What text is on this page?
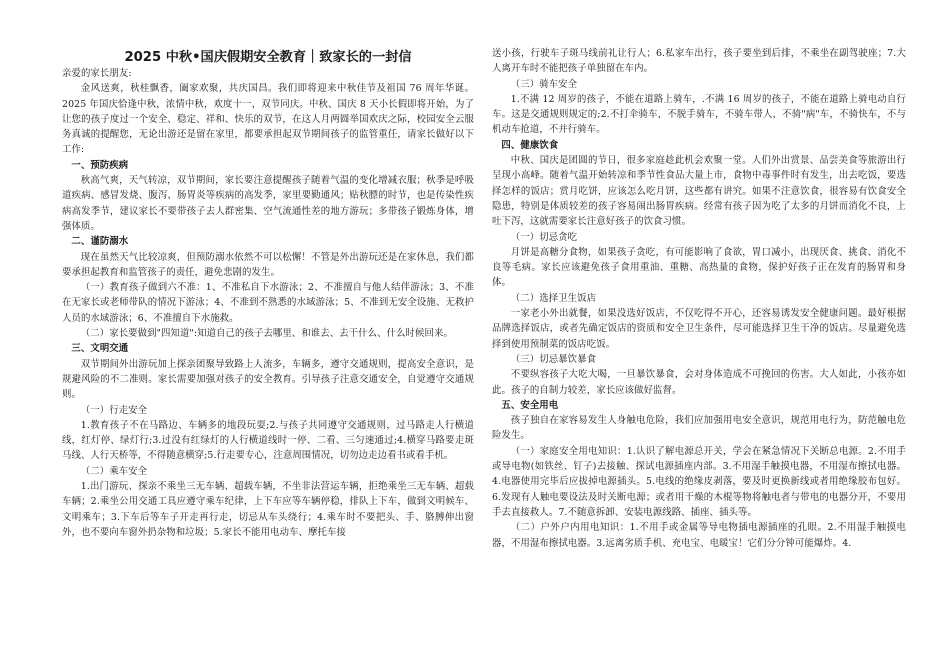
2025 中秋•国庆假期安全教育｜致家长的一封信

亲爱的家长朋友:

金风送爽，秋桂飘香，阖家欢聚，共庆国昌。我们即将迎来中秋佳节及祖国 76 周年华诞。2025 年国庆恰逢中秋，浓情中秋，欢度十一，双节同庆。中秋、国庆 8 天小长假即将开始，为了让您的孩子度过一个安全、稳定、祥和、快乐的双节，在这人月两圆举国欢庆之际，校园安全云服务真诚的提醒您，无论出游还是留在家里，都要承担起双节期间孩子的监管重任，请家长做好以下工作:

一、预防疾病

秋高气爽，天气转凉，双节期间，家长要注意提醒孩子随着气温的变化增减衣服；秋季是呼吸道疾病、感冒发烧、腹泻、肠胃炎等疾病的高发季，家里要勤通风；贴秋膘的时节，也是传染性疾病高发季节，建议家长不要带孩子去人群密集、空气流通性差的地方游玩；多带孩子锻炼身体，增强体质。

二、谨防溺水

现在虽然天气比较凉爽，但预防溺水依然不可以松懈！不管是外出游玩还是在家休息，我们都要承担起教育和监管孩子的责任，避免悲剧的发生。

（一）教育孩子做到六不准：1、不准私自下水游泳；2、不准擅自与他人结伴游泳；3、不准在无家长或老师带队的情况下游泳；4、不准到不熟悉的水域游泳；5、不准到无安全设施、无救护人员的水域游泳；6、不准擅自下水施救。

（二）家长要做到"四知道":知道自己的孩子去哪里、和谁去、去干什么、什么时候回来。

三、文明交通

双节期间外出游玩加上探亲团聚导致路上人流多，车辆多，遵守交通规则，提高安全意识，是规避风险的不二准则。家长需要加强对孩子的安全教育。引导孩子注意交通安全，自觉遵守交通规则。

（一）行走安全

1.教育孩子不在马路边、车辆多的地段玩耍;2.与孩子共同遵守交通规则，过马路走人行横道线，红灯停、绿灯行;3.过没有红绿灯的人行横道线时一停、二看、三匀速通过;4.横穿马路要走斑马线、人行天桥等，不得随意横穿;5.行走要专心，注意周围情况，切勿边走边看书或看手机。

（二）乘车安全

1.出门游玩、探亲不乘坐三无车辆、超载车辆，不坐非法营运车辆，拒绝乘坐三无车辆、超载车辆；2.乘坐公用交通工具应遵守乘车纪律，上下车应等车辆停稳，排队上下车，做到文明候车、文明乘车；3.下车后等车子开走再行走，切忌从车头绕行；4.乘车时不要把头、手、胳膊伸出窗外，也不要向车窗外扔杂物和垃圾；5.家长不能用电动车、摩托车接

送小孩，行驶车子斑马线前礼让行人；6.私家车出行，孩子要坐到后排，不乘坐在副驾驶座；7.大人离开车时不能把孩子单独留在车内。

（三）骑车安全

1.不满 12 周岁的孩子，不能在道路上骑车，.不满 16 周岁的孩子，不能在道路上骑电动自行车。这是交通规则规定的;2.不打伞骑车，不脱手骑车，不骑车带人，不骑"病"车，不骑快车，不与机动车抢道，不并行骑车。

四、健康饮食

中秋、国庆是团圆的节日，很多家庭趁此机会欢聚一堂。人们外出赏景、品尝美食等旅游出行呈现小高峰。随着气温开始转凉和季节性食品大量上市，食物中毒事件时有发生，出去吃饭，要选择怎样的饭店；赏月吃饼，应该怎么吃月饼，这些都有讲究。如果不注意饮食，很容易有饮食安全隐患，特别是体质较差的孩子容易闹出肠胃疾病。经常有孩子因为吃了太多的月饼而消化不良，上吐下泻，这就需要家长注意好孩子的饮食习惯。

（一）切忌贪吃

月饼是高糖分食物，如果孩子贪吃，有可能影响了食欲，胃口减小，出现厌食、挑食、消化不良等毛病。家长应该避免孩子食用重油、重糖、高热量的食物，保护好孩子正在发育的肠胃和身体。

（二）选择卫生饭店

一家老小外出就餐，如果没选好饭店，不仅吃得不开心，还容易诱发安全健康问题。最好根据品牌选择饭店，或者先确定饭店的资质和安全卫生条件，尽可能选择卫生干净的饭店。尽量避免选择到使用预制菜的饭店吃饭。

（三）切忌暴饮暴食

不要纵容孩子大吃大喝，一旦暴饮暴食，会对身体造成不可挽回的伤害。大人如此，小孩亦如此。孩子的自制力较差，家长应该做好监督。

五、安全用电

孩子独自在家容易发生人身触电危险，我们应加强用电安全意识，规范用电行为，防范触电危险发生。

（一）家庭安全用电知识：1.认识了解电源总开关，学会在紧急情况下关断总电源。2.不用手或导电物(如铁丝、钉子)去接触、探试电源插座内部。3.不用湿手触摸电器，不用湿布擦拭电器。4.电器使用完毕后应拔掉电源插头。5.电线的绝缘皮剥落，要及时更换新线或者用绝缘胶布包好。6.发现有人触电要设法及时关断电源；或者用干燥的木棍等物将触电者与带电的电器分开，不要用手去直接救人。7.不随意拆卸、安装电源线路、插座、插头等。

（二）户外户内用电知识：1.不用手或金属等导电物插电源插座的孔眼。2.不用湿手触摸电器，不用湿布擦拭电器。3.远离劣质手机、充电宝、电暖宝！它们分分钟可能爆炸。4.
